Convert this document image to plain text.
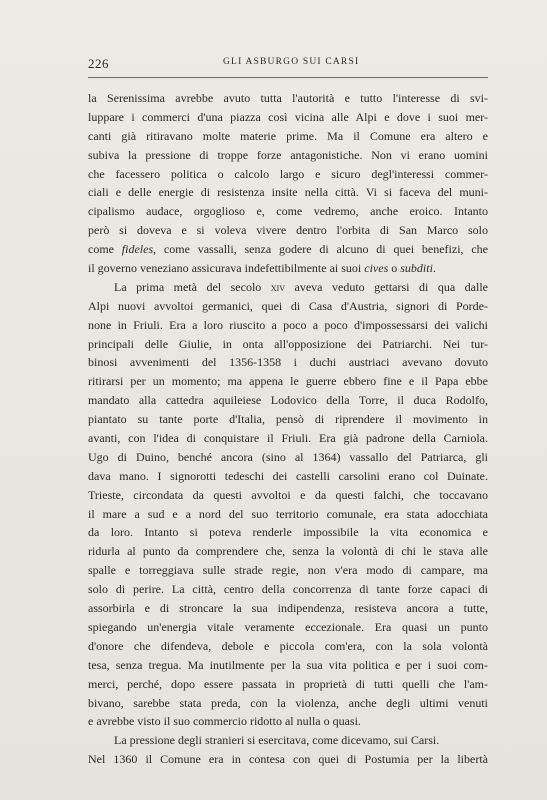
226	GLI ASBURGO SUI CARSI
la Serenissima avrebbe avuto tutta l'autorità e tutto l'interesse di svi-
luppare i commerci d'una piazza così vicina alle Alpi e dove i suoi mer-
canti già ritiravano molte materie prime. Ma il Comune era altero e
subiva la pressione di troppe forze antagonistiche. Non vi erano uomini
che facessero politica o calcolo largo e sicuro degl'interessi commer-
ciali e delle energie di resistenza insite nella città. Vi si faceva del muni-
cipalismo audace, orgoglioso e, come vedremo, anche eroico. Intanto
però si doveva e si voleva vivere dentro l'orbita di San Marco solo
come fideles, come vassalli, senza godere di alcuno di quei benefizi, che
il governo veneziano assicurava indefettibilmente ai suoi cives o subditi.
La prima metà del secolo xiv aveva veduto gettarsi di qua dalle
Alpi nuovi avvoltoi germanici, quei di Casa d'Austria, signori di Porde-
none in Friuli. Era a loro riuscito a poco a poco d'impossessarsi dei valichi
principali delle Giulie, in onta all'opposizione dei Patriarchi. Nei tur-
binosi avvenimenti del 1356-1358 i duchi austriaci avevano dovuto
ritirarsi per un momento; ma appena le guerre ebbero fine e il Papa ebbe
mandato alla cattedra aquileiese Lodovico della Torre, il duca Rodolfo,
piantato su tante porte d'Italia, pensò di riprendere il movimento in
avanti, con l'idea di conquistare il Friuli. Era già padrone della Carniola.
Ugo di Duino, benché ancora (sino al 1364) vassallo del Patriarca, gli
dava mano. I signorotti tedeschi dei castelli carsolini erano col Duinate.
Trieste, circondata da questi avvoltoi e da questi falchi, che toccavano
il mare a sud e a nord del suo territorio comunale, era stata adocchiata
da loro. Intanto si poteva renderle impossibile la vita economica e
ridurla al punto da comprendere che, senza la volontà di chi le stava alle
spalle e torreggiava sulle strade regie, non v'era modo di campare, ma
solo di perire. La città, centro della concorrenza di tante forze capaci di
assorbirla e di stroncare la sua indipendenza, resisteva ancora a tutte,
spiegando un'energia vitale veramente eccezionale. Era quasi un punto
d'onore che difendeva, debole e piccola com'era, con la sola volontà
tesa, senza tregua. Ma inutilmente per la sua vita politica e per i suoi com-
merci, perché, dopo essere passata in proprietà di tutti quelli che l'am-
bivano, sarebbe stata preda, con la violenza, anche degli ultimi venuti
e avrebbe visto il suo commercio ridotto al nulla o quasi.
La pressione degli stranieri si esercitava, come dicevamo, sui Carsi.
Nel 1360 il Comune era in contesa con quei di Postumia per la libertà
